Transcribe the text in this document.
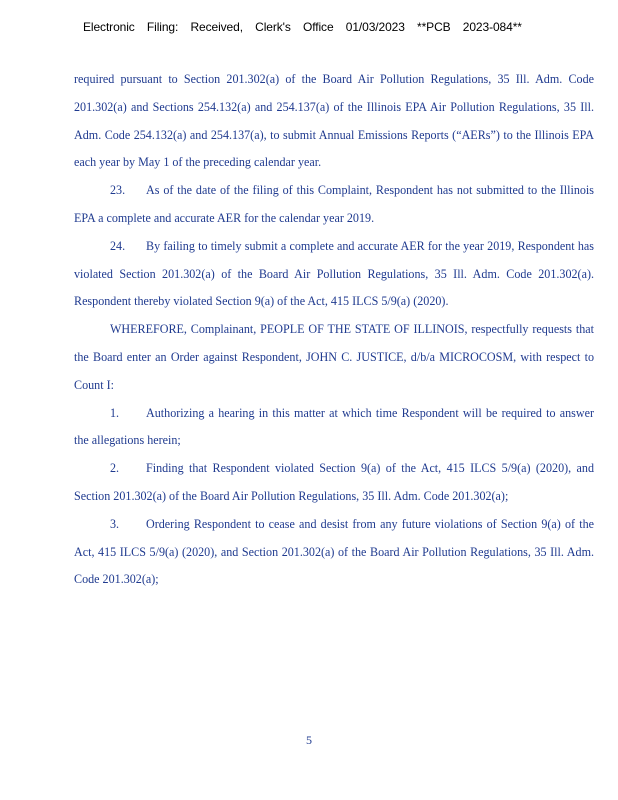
Electronic Filing: Received, Clerk's Office 01/03/2023 **PCB 2023-084**

required pursuant to Section 201.302(a) of the Board Air Pollution Regulations, 35 Ill. Adm. Code 201.302(a) and Sections 254.132(a) and 254.137(a) of the Illinois EPA Air Pollution Regulations, 35 Ill. Adm. Code 254.132(a) and 254.137(a), to submit Annual Emissions Reports (“AERs”) to the Illinois EPA each year by May 1 of the preceding calendar year.

23. As of the date of the filing of this Complaint, Respondent has not submitted to the Illinois EPA a complete and accurate AER for the calendar year 2019.

24. By failing to timely submit a complete and accurate AER for the year 2019, Respondent has violated Section 201.302(a) of the Board Air Pollution Regulations, 35 Ill. Adm. Code 201.302(a). Respondent thereby violated Section 9(a) of the Act, 415 ILCS 5/9(a) (2020).

WHEREFORE, Complainant, PEOPLE OF THE STATE OF ILLINOIS, respectfully requests that the Board enter an Order against Respondent, JOHN C. JUSTICE, d/b/a MICROCOSM, with respect to Count I:

1. Authorizing a hearing in this matter at which time Respondent will be required to answer the allegations herein;

2. Finding that Respondent violated Section 9(a) of the Act, 415 ILCS 5/9(a) (2020), and Section 201.302(a) of the Board Air Pollution Regulations, 35 Ill. Adm. Code 201.302(a);

3. Ordering Respondent to cease and desist from any future violations of Section 9(a) of the Act, 415 ILCS 5/9(a) (2020), and Section 201.302(a) of the Board Air Pollution Regulations, 35 Ill. Adm. Code 201.302(a);

5
